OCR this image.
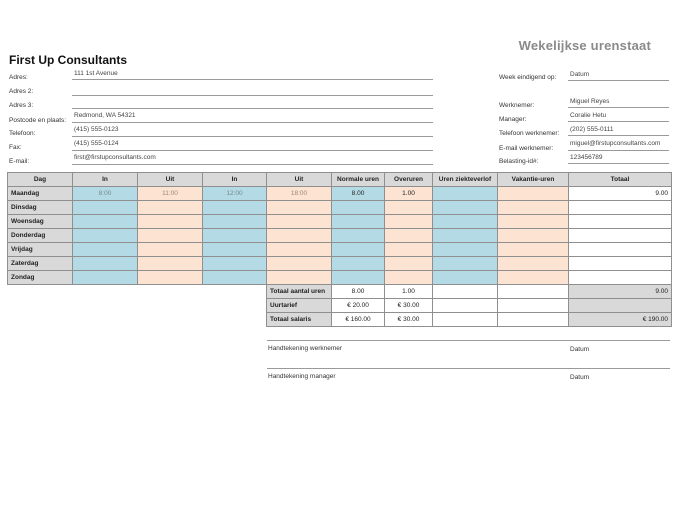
Wekelijkse urenstaat
First Up Consultants
Adres:
111 1st Avenue
Adres 2:
Adres 3:
Postcode en plaats:
Redmond, WA 54321
Telefoon:
(415) 555-0123
Fax:
(415) 555-0124
E-mail:
first@firstupconsultants.com
Week eindigend op: Datum
Werknemer:
Miguel Reyes
Manager:
Coralie Hetu
Telefoon werknemer:
(202) 555-0111
E-mail werknemer:
miguel@firstupconsultants.com
Belasting-id#:
123456789
Dag	In	Uit	In	Uit	Normale uren	Overuren	Uren ziekteverlof	Vakantie-uren	Totaal
Maandag	8:00	11:00	12:00	18:00	8.00	1.00			9.00
Dinsdag									
Woensdag									
Donderdag									
Vrijdag									
Zaterdag									
Zondag									
				Totaal aantal uren	8.00	1.00			9.00
				Uurtarief	€ 20.00	€ 30.00			
				Totaal salaris	€ 160.00	€ 30.00			€ 190.00
Handtekening werknemer	Datum
Handtekening manager	Datum
